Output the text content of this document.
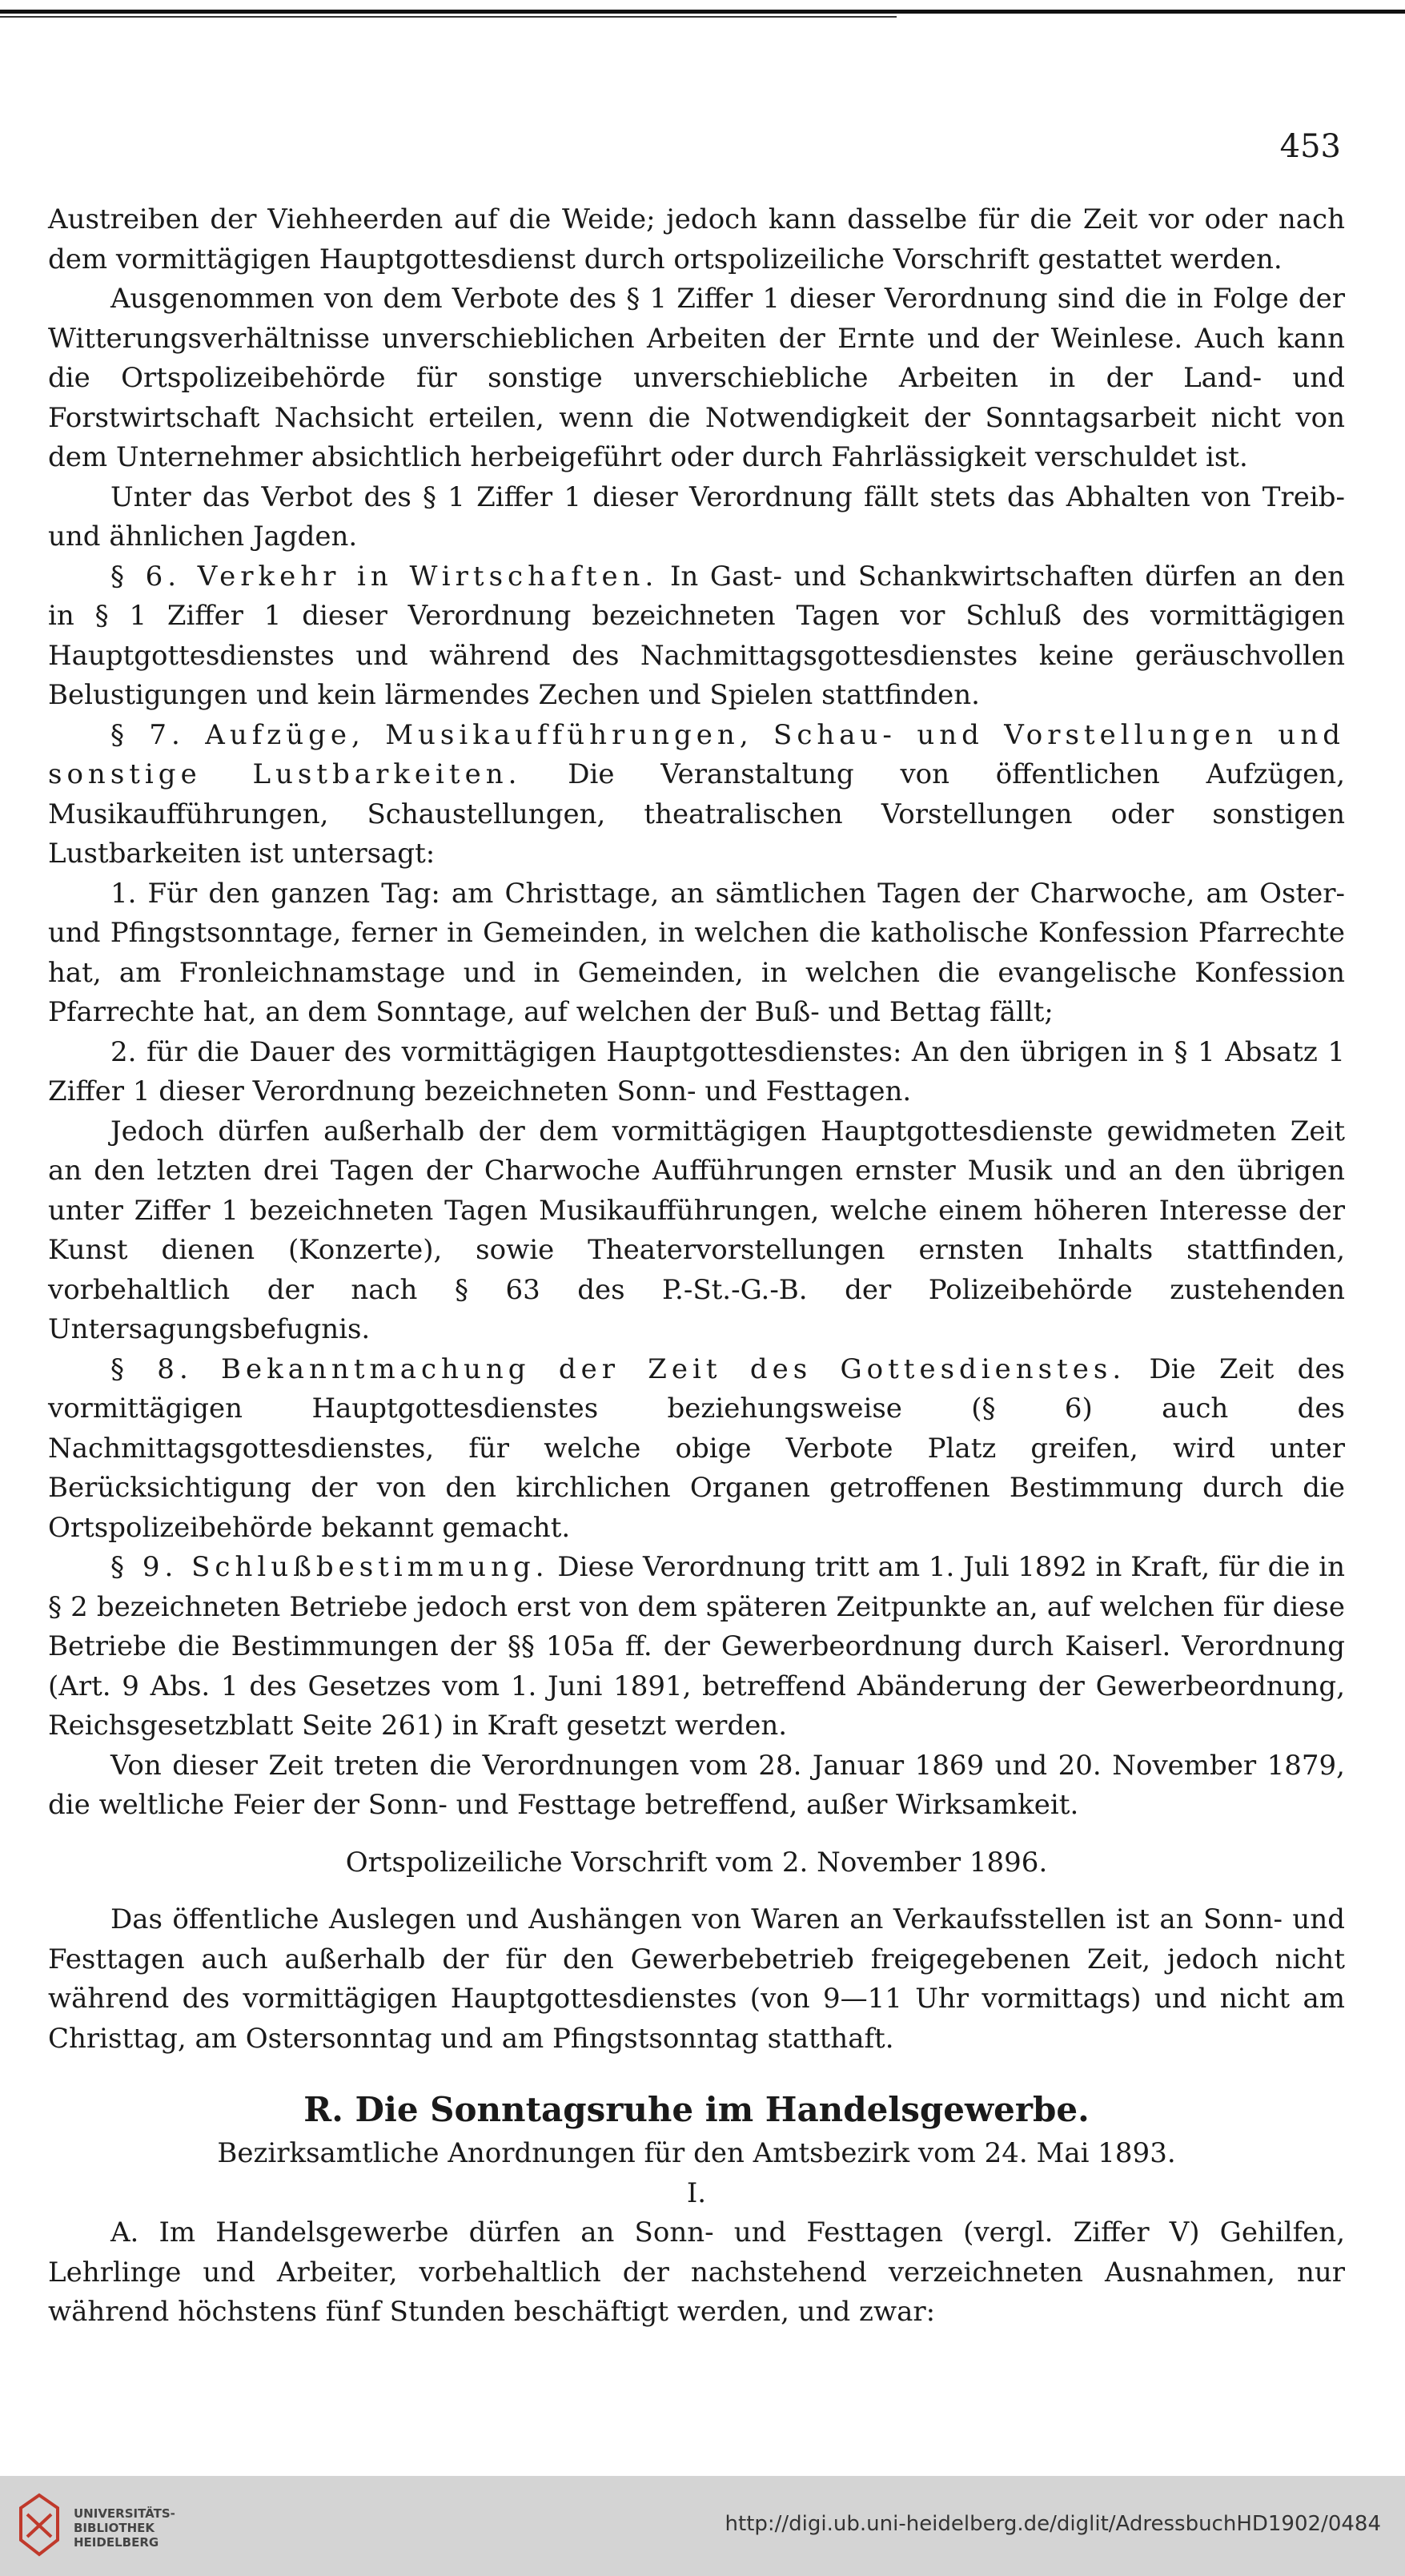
453

Austreiben der Viehheerden auf die Weide; jedoch kann dasselbe für die Zeit vor oder nach dem vormittägigen Hauptgottesdienst durch ortspolizeiliche Vorschrift gestattet werden.

Ausgenommen von dem Verbote des § 1 Ziffer 1 dieser Verordnung sind die in Folge der Witterungsverhältnisse unverschieblichen Arbeiten der Ernte und der Weinlese. Auch kann die Ortspolizeibehörde für sonstige unverschiebliche Arbeiten in der Land- und Forstwirtschaft Nachsicht erteilen, wenn die Notwendigkeit der Sonntagsarbeit nicht von dem Unternehmer absichtlich herbeigeführt oder durch Fahrlässigkeit verschuldet ist.

Unter das Verbot des § 1 Ziffer 1 dieser Verordnung fällt stets das Abhalten von Treib- und ähnlichen Jagden.

§ 6. Verkehr in Wirtschaften. In Gast- und Schankwirtschaften dürfen an den in § 1 Ziffer 1 dieser Verordnung bezeichneten Tagen vor Schluß des vormittägigen Hauptgottesdienstes und während des Nachmittagsgottesdienstes keine geräuschvollen Belustigungen und kein lärmendes Zechen und Spielen stattfinden.

§ 7. Aufzüge, Musikaufführungen, Schau- und Vorstellungen und sonstige Lustbarkeiten. Die Veranstaltung von öffentlichen Aufzügen, Musikaufführungen, Schaustellungen, theatralischen Vorstellungen oder sonstigen Lustbarkeiten ist untersagt:

1. Für den ganzen Tag: am Christtage, an sämtlichen Tagen der Charwoche, am Oster- und Pfingstsonntage, ferner in Gemeinden, in welchen die katholische Konfession Pfarrechte hat, am Fronleichnamstage und in Gemeinden, in welchen die evangelische Konfession Pfarrechte hat, an dem Sonntage, auf welchen der Buß- und Bettag fällt;

2. für die Dauer des vormittägigen Hauptgottesdienstes: An den übrigen in § 1 Absatz 1 Ziffer 1 dieser Verordnung bezeichneten Sonn- und Festtagen.

Jedoch dürfen außerhalb der dem vormittägigen Hauptgottesdienste gewidmeten Zeit an den letzten drei Tagen der Charwoche Aufführungen ernster Musik und an den übrigen unter Ziffer 1 bezeichneten Tagen Musikaufführungen, welche einem höheren Interesse der Kunst dienen (Konzerte), sowie Theatervorstellungen ernsten Inhalts stattfinden, vorbehaltlich der nach § 63 des P.-St.-G.-B. der Polizeibehörde zustehenden Untersagungsbefugnis.

§ 8. Bekanntmachung der Zeit des Gottesdienstes. Die Zeit des vormittägigen Hauptgottesdienstes beziehungsweise (§ 6) auch des Nachmittagsgottesdienstes, für welche obige Verbote Platz greifen, wird unter Berücksichtigung der von den kirchlichen Organen getroffenen Bestimmung durch die Ortspolizeibehörde bekannt gemacht.

§ 9. Schlußbestimmung. Diese Verordnung tritt am 1. Juli 1892 in Kraft, für die in § 2 bezeichneten Betriebe jedoch erst von dem späteren Zeitpunkte an, auf welchen für diese Betriebe die Bestimmungen der §§ 105a ff. der Gewerbeordnung durch Kaiserl. Verordnung (Art. 9 Abs. 1 des Gesetzes vom 1. Juni 1891, betreffend Abänderung der Gewerbeordnung, Reichsgesetzblatt Seite 261) in Kraft gesetzt werden.

Von dieser Zeit treten die Verordnungen vom 28. Januar 1869 und 20. November 1879, die weltliche Feier der Sonn- und Festtage betreffend, außer Wirksamkeit.

Ortspolizeiliche Vorschrift vom 2. November 1896.

Das öffentliche Auslegen und Aushängen von Waren an Verkaufsstellen ist an Sonn- und Festtagen auch außerhalb der für den Gewerbebetrieb freigegebenen Zeit, jedoch nicht während des vormittägigen Hauptgottesdienstes (von 9—11 Uhr vormittags) und nicht am Christtag, am Ostersonntag und am Pfingstsonntag statthaft.

R. Die Sonntagsruhe im Handelsgewerbe.

Bezirksamtliche Anordnungen für den Amtsbezirk vom 24. Mai 1893.

I.

A. Im Handelsgewerbe dürfen an Sonn- und Festtagen (vergl. Ziffer V) Gehilfen, Lehrlinge und Arbeiter, vorbehaltlich der nachstehend verzeichneten Ausnahmen, nur während höchstens fünf Stunden beschäftigt werden, und zwar:

UNIVERSITÄTS-
BIBLIOTHEK
HEIDELBERG
http://digi.ub.uni-heidelberg.de/diglit/AdressbuchHD1902/0484
